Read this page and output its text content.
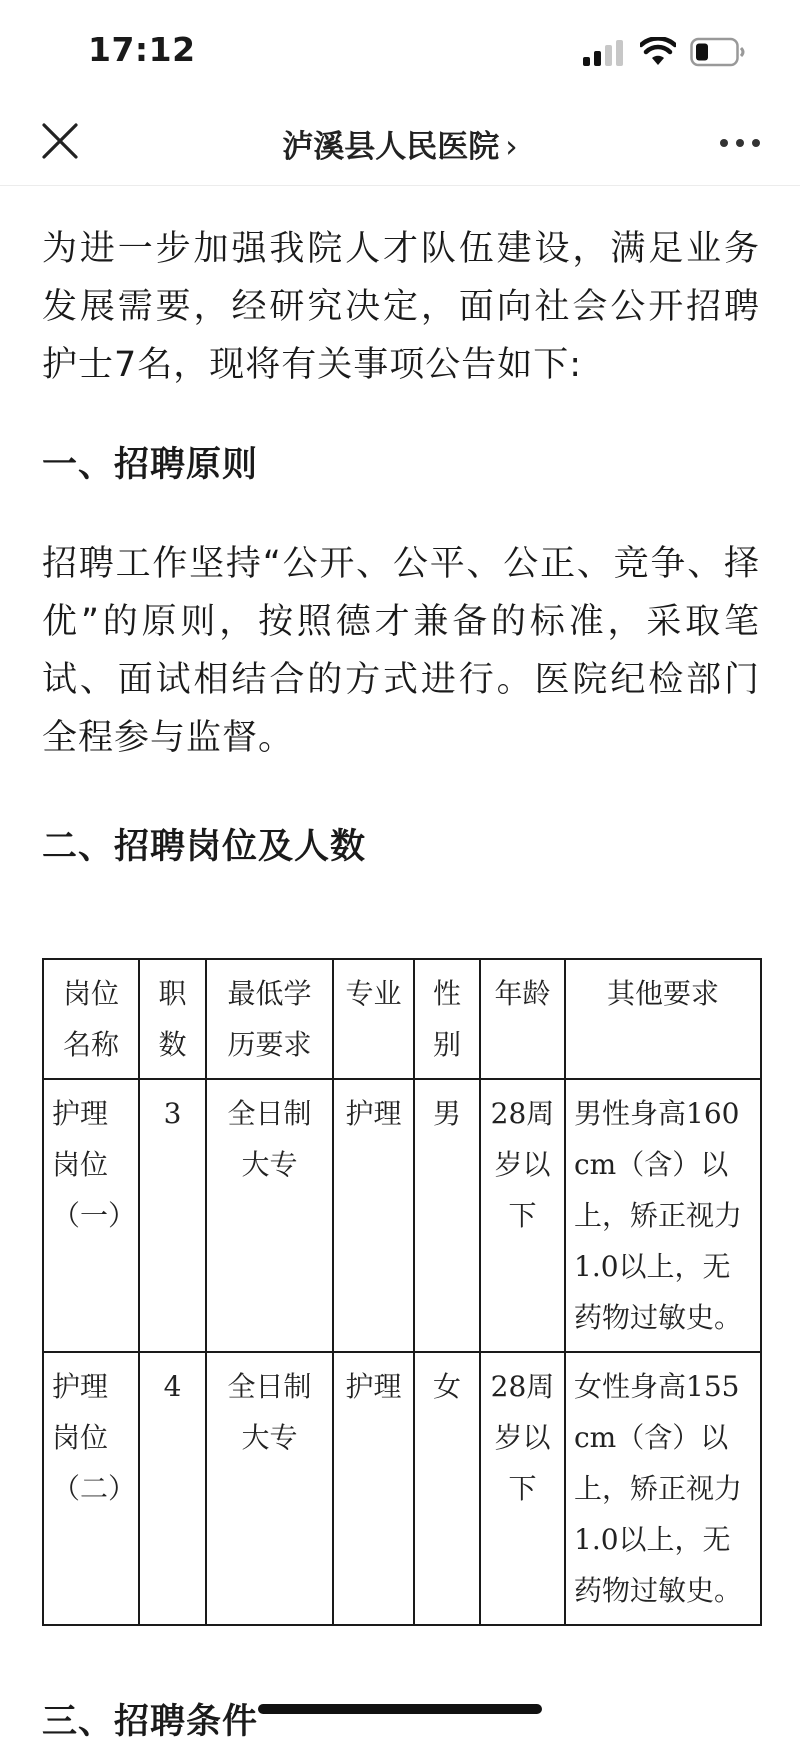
17:12
泸溪县人民医院 ›

为进一步加强我院人才队伍建设，满足业务发展需要，经研究决定，面向社会公开招聘护士7名，现将有关事项公告如下:

一、招聘原则

招聘工作坚持“公开、公平、公正、竞争、择优”的原则，按照德才兼备的标准，采取笔试、面试相结合的方式进行。医院纪检部门全程参与监督。

二、招聘岗位及人数
岗位名称	职数	最低学历要求	专业	性别	年龄	其他要求
护理岗位（一）	3	全日制大专	护理	男	28周岁以下	男性身高160cm（含）以上，矫正视力1.0以上，无药物过敏史。
护理岗位（二）	4	全日制大专	护理	女	28周岁以下	女性身高155cm（含）以上，矫正视力1.0以上，无药物过敏史。
三、招聘条件
